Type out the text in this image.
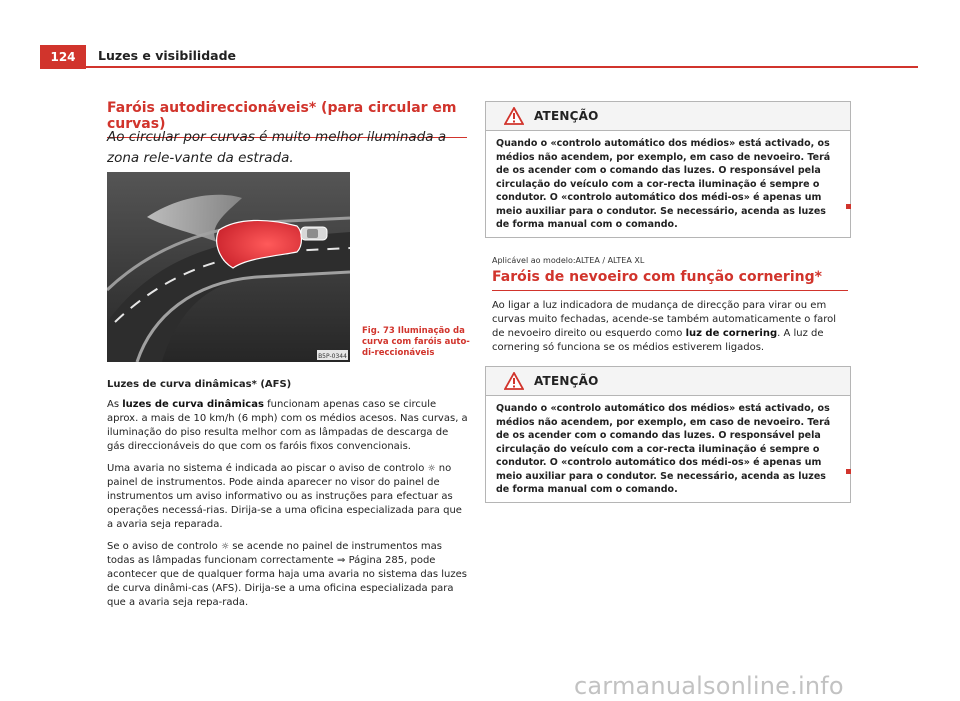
124	Luzes e visibilidade
Faróis autodireccionáveis* (para circular em curvas)
Ao circular por curvas é muito melhor iluminada a zona rele-vante da estrada.
B5P-0344
Fig. 73 Iluminação da curva com faróis auto-di-reccionáveis
Luzes de curva dinâmicas* (AFS)

As luzes de curva dinâmicas funcionam apenas caso se circule aprox. a mais de 10 km/h (6 mph) com os médios acesos. Nas curvas, a iluminação do piso resulta melhor com as lâmpadas de descarga de gás direccionáveis do que com os faróis fixos convencionais.

Uma avaria no sistema é indicada ao piscar o aviso de controlo ☼ no painel de instrumentos. Pode ainda aparecer no visor do painel de instrumentos um aviso informativo ou as instruções para efectuar as operações necessá-rias. Dirija-se a uma oficina especializada para que a avaria seja reparada.

Se o aviso de controlo ☼ se acende no painel de instrumentos mas todas as lâmpadas funcionam correctamente ⇒ Página 285, pode acontecer que de qualquer forma haja uma avaria no sistema das luzes de curva dinâmi-cas (AFS). Dirija-se a uma oficina especializada para que a avaria seja repa-rada.

ATENÇÃO
Quando o «controlo automático dos médios» está activado, os médios não acendem, por exemplo, em caso de nevoeiro. Terá de os acender com o comando das luzes. O responsável pela circulação do veículo com a cor-recta iluminação é sempre o condutor. O «controlo automático dos médi-os» é apenas um meio auxiliar para o condutor. Se necessário, acenda as luzes de forma manual com o comando.
Aplicável ao modelo:ALTEA / ALTEA XL
Faróis de nevoeiro com função cornering*

Ao ligar a luz indicadora de mudança de direcção para virar ou em curvas muito fechadas, acende-se também automaticamente o farol de nevoeiro direito ou esquerdo como luz de cornering. A luz de cornering só funciona se os médios estiverem ligados.

ATENÇÃO
Quando o «controlo automático dos médios» está activado, os médios não acendem, por exemplo, em caso de nevoeiro. Terá de os acender com o comando das luzes. O responsável pela circulação do veículo com a cor-recta iluminação é sempre o condutor. O «controlo automático dos médi-os» é apenas um meio auxiliar para o condutor. Se necessário, acenda as luzes de forma manual com o comando.
carmanualsonline.info
